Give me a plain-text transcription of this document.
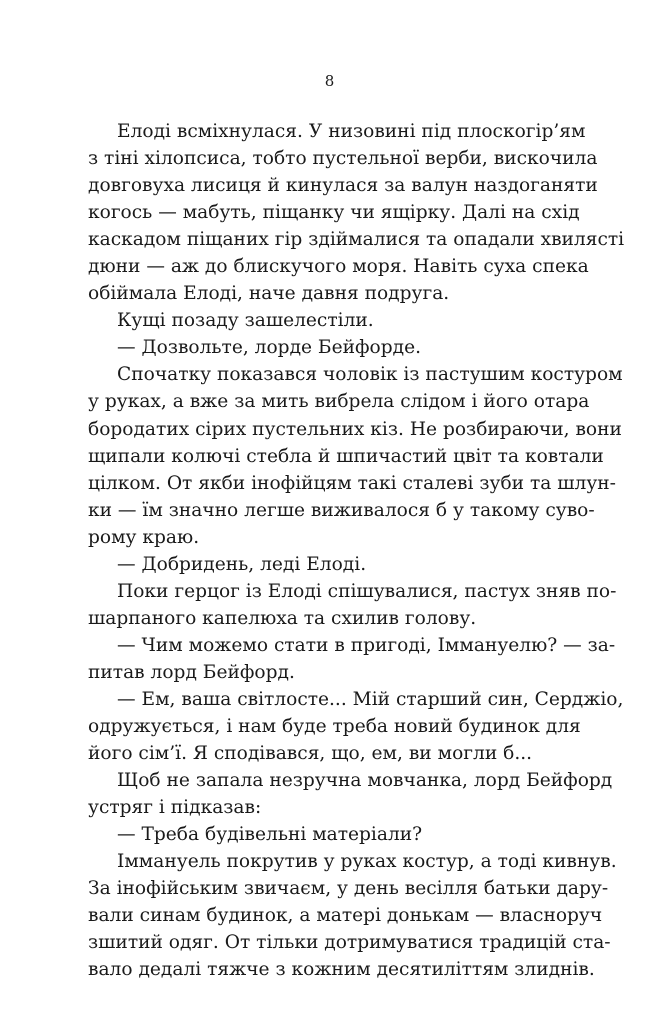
8
Елоді всміхнулася. У низовині під плоскогір’ям
з тіні хілопсиса, тобто пустельної верби, вискочила
довговуха лисиця й кинулася за валун наздоганяти
когось — мабуть, піщанку чи ящірку. Далі на схід
каскадом піщаних гір здіймалися та опадали хвилясті
дюни — аж до блискучого моря. Навіть суха спека
обіймала Елоді, наче давня подруга.
Кущі позаду зашелестіли.
— Дозвольте, лорде Бейфорде.
Спочатку показався чоловік із пастушим костуром
у руках, а вже за мить вибрела слідом і його отара
бородатих сірих пустельних кіз. Не розбираючи, вони
щипали колючі стебла й шпичастий цвіт та ковтали
цілком. От якби інофійцям такі сталеві зуби та шлун-
ки — їм значно легше виживалося б у такому суво-
рому краю.
— Добридень, леді Елоді.
Поки герцог із Елоді спішувалися, пастух зняв по-
шарпаного капелюха та схилив голову.
— Чим можемо стати в пригоді, Іммануелю? — за-
питав лорд Бейфорд.
— Ем, ваша світлосте... Мій старший син, Серджіо,
одружується, і нам буде треба новий будинок для
його сім’ї. Я сподівався, що, ем, ви могли б...
Щоб не запала незручна мовчанка, лорд Бейфорд
устряг і підказав:
— Треба будівельні матеріали?
Іммануель покрутив у руках костур, а тоді кивнув.
За інофійським звичаєм, у день весілля батьки дару-
вали синам будинок, а матері донькам — власноруч
зшитий одяг. От тільки дотримуватися традицій ста-
вало дедалі тяжче з кожним десятиліттям злиднів.
